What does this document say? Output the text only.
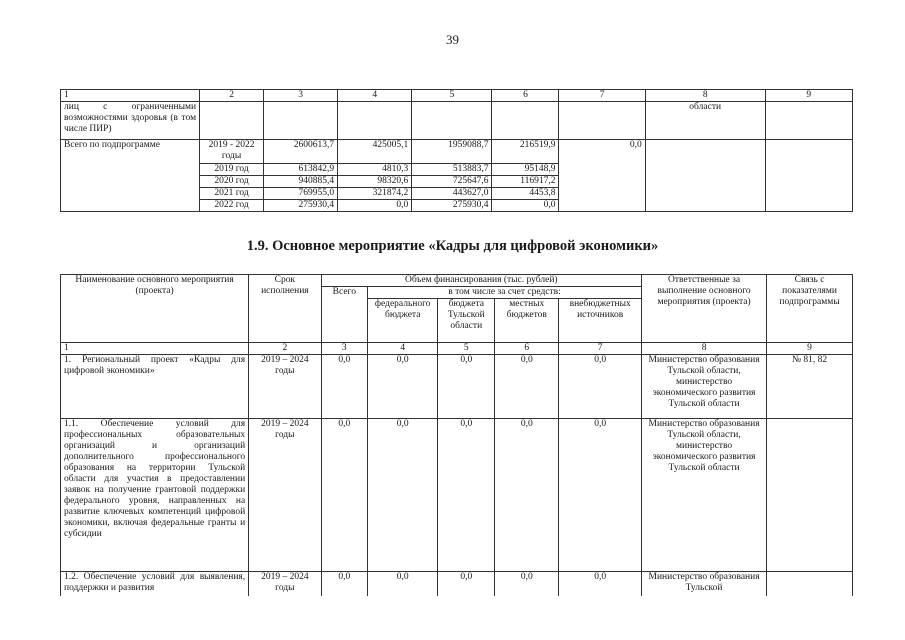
39
1	2	3	4	5	6	7	8	9
лиц с ограниченными возможностями здоровья (в том числе ПИР)							области	
Всего по подпрограмме	2019 - 2022 годы	2600613,7	425005,1	1959088,7	216519,9	0,0		
	2019 год	613842,9	4810,3	513883,7	95148,9			
	2020 год	940885,4	98320,6	725647,6	116917,2			
	2021 год	769955,0	321874,2	443627,0	4453,8			
	2022 год	275930,4	0,0	275930,4	0,0			
1.9. Основное мероприятие «Кадры для цифровой экономики»
Наименование основного мероприятия (проекта)	Срок исполнения	Объем финансирования (тыс. рублей)					Ответственные за выполнение основного мероприятия (проекта)	Связь с показателями подпрограммы
		Всего	в том числе за счет средств:					
			федерального бюджета	бюджета Тульской области	местных бюджетов	внебюджетных источников		
1	2	3	4	5	6	7	8	9
1. Региональный проект «Кадры для цифровой экономики»	2019 – 2024 годы	0,0	0,0	0,0	0,0	0,0	Министерство образования Тульской области, министерство экономического развития Тульской области	№ 81, 82
1.1. Обеспечение условий для профессиональных образовательных организаций и организаций дополнительного профессионального образования на территории Тульской области для участия в предоставлении заявок на получение грантовой поддержки федерального уровня, направленных на развитие ключевых компетенций цифровой экономики, включая федеральные гранты и субсидии	2019 – 2024 годы	0,0	0,0	0,0	0,0	0,0	Министерство образования Тульской области, министерство экономического развития Тульской области	
1.2. Обеспечение условий для выявления, поддержки и развития	2019 – 2024 годы	0,0	0,0	0,0	0,0	0,0	Министерство образования Тульской	
